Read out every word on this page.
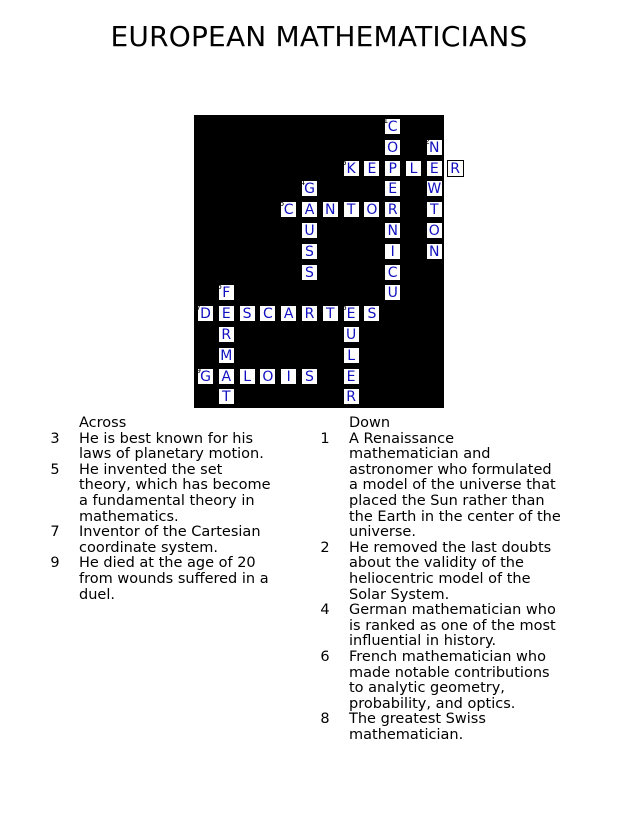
EUROPEAN MATHEMATICIANS
1 C
O	2 N
3 K E P L E R
4
G	E W
5 C A N T O R T
U	N O
S	I	N
S	C
6 F	U
7 D E S C A R T 8 E S
R	U
M	L
9
G A L O I	S E
T	R
Across
3 He is best known for his laws of planetary motion.
5 He invented the set theory, which has become a fundamental theory in mathematics.
7 Inventor of the Cartesian coordinate system.
9 He died at the age of 20 from wounds suffered in a duel.
Down
1 A Renaissance mathematician and astronomer who formulated a model of the universe that placed the Sun rather than the Earth in the center of the universe.
2 He removed the last doubts about the validity of the heliocentric model of the Solar System.
4 German mathematician who is ranked as one of the most influential in history.
6 French mathematician who made notable contributions to analytic geometry, probability, and optics.
8 The greatest Swiss mathematician.
